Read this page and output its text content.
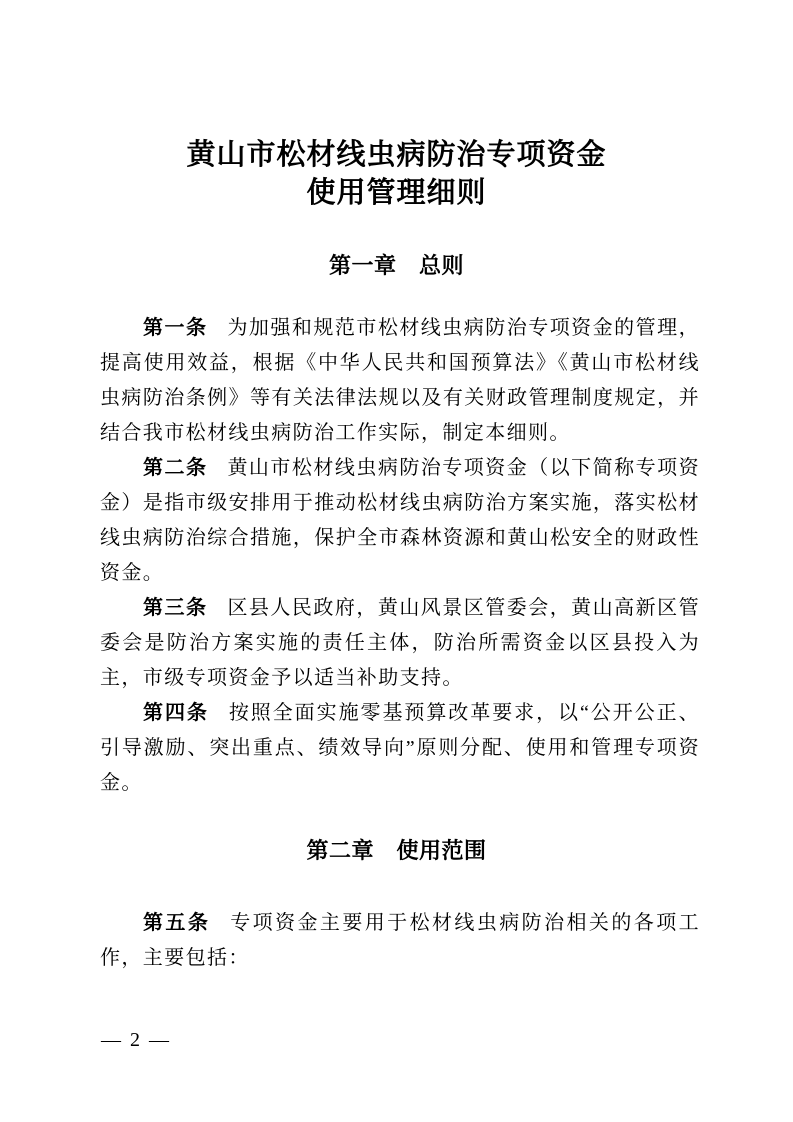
黄山市松材线虫病防治专项资金
使用管理细则
第一章　总则

第一条 为加强和规范市松材线虫病防治专项资金的管理，提高使用效益，根据《中华人民共和国预算法》《黄山市松材线虫病防治条例》等有关法律法规以及有关财政管理制度规定，并结合我市松材线虫病防治工作实际，制定本细则。

第二条 黄山市松材线虫病防治专项资金（以下简称专项资金）是指市级安排用于推动松材线虫病防治方案实施，落实松材线虫病防治综合措施，保护全市森林资源和黄山松安全的财政性资金。

第三条 区县人民政府，黄山风景区管委会，黄山高新区管委会是防治方案实施的责任主体，防治所需资金以区县投入为主，市级专项资金予以适当补助支持。

第四条 按照全面实施零基预算改革要求，以“公开公正、引导激励、突出重点、绩效导向”原则分配、使用和管理专项资金。

第二章　使用范围

第五条 专项资金主要用于松材线虫病防治相关的各项工作，主要包括：

— 2 —
